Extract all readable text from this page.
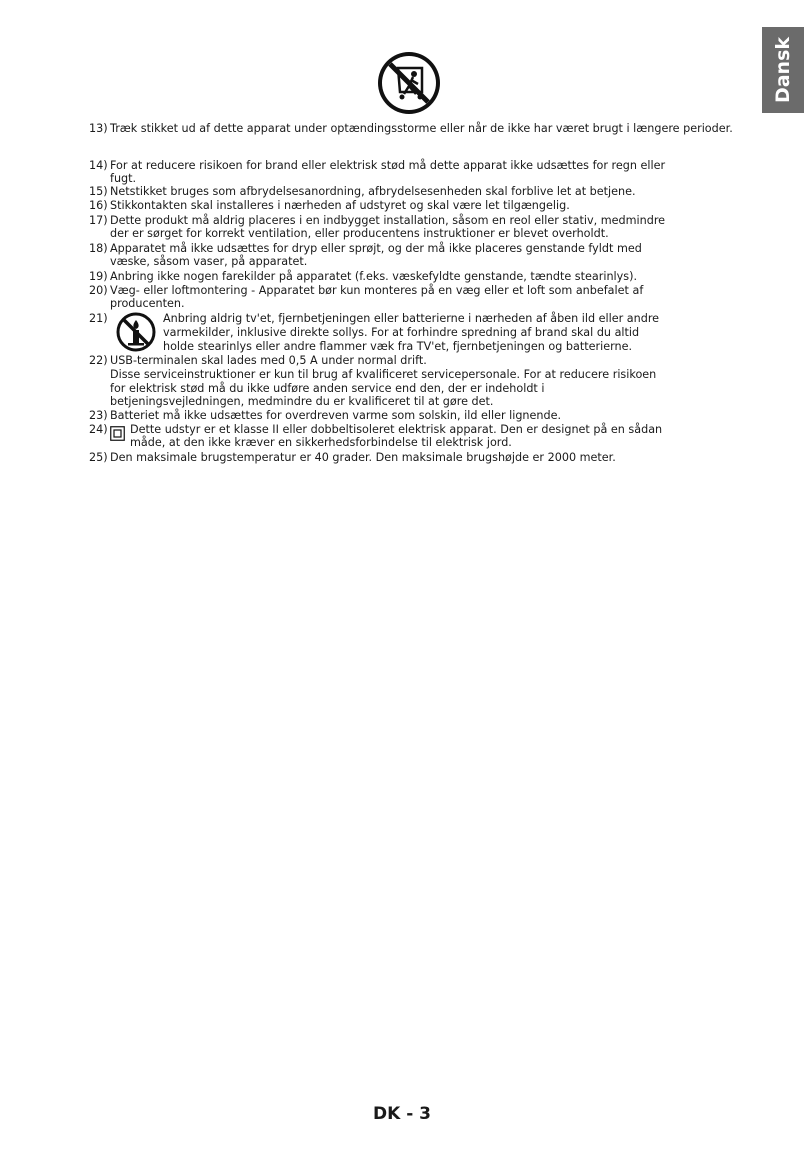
Dansk
13) Træk stikket ud af dette apparat under optændingsstorme eller når de ikke har været brugt i længere perioder.
14) For at reducere risikoen for brand eller elektrisk stød må dette apparat ikke udsættes for regn eller
fugt.
15) Netstikket bruges som afbrydelsesanordning, afbrydelsesenheden skal forblive let at betjene.
16) Stikkontakten skal installeres i nærheden af udstyret og skal være let tilgængelig.
17) Dette produkt må aldrig placeres i en indbygget installation, såsom en reol eller stativ, medmindre
der er sørget for korrekt ventilation, eller producentens instruktioner er blevet overholdt.
18) Apparatet må ikke udsættes for dryp eller sprøjt, og der må ikke placeres genstande fyldt med
væske, såsom vaser, på apparatet.
19) Anbring ikke nogen farekilder på apparatet (f.eks. væskefyldte genstande, tændte stearinlys).
20) Væg- eller loftmontering - Apparatet bør kun monteres på en væg eller et loft som anbefalet af
producenten.
21)	Anbring aldrig tv'et, fjernbetjeningen eller batterierne i nærheden af åben ild eller andre
varmekilder, inklusive direkte sollys. For at forhindre spredning af brand skal du altid
holde stearinlys eller andre flammer væk fra TV'et, fjernbetjeningen og batterierne.
22) USB-terminalen skal lades med 0,5 A under normal drift.
Disse serviceinstruktioner er kun til brug af kvalificeret servicepersonale. For at reducere risikoen
for elektrisk stød må du ikke udføre anden service end den, der er indeholdt i
betjeningsvejledningen, medmindre du er kvalificeret til at gøre det.
23) Batteriet må ikke udsættes for overdreven varme som solskin, ild eller lignende.
24) Dette udstyr er et klasse II eller dobbeltisoleret elektrisk apparat. Den er designet på en sådan
måde, at den ikke kræver en sikkerhedsforbindelse til elektrisk jord.
25) Den maksimale brugstemperatur er 40 grader. Den maksimale brugshøjde er 2000 meter.
DK - 3
